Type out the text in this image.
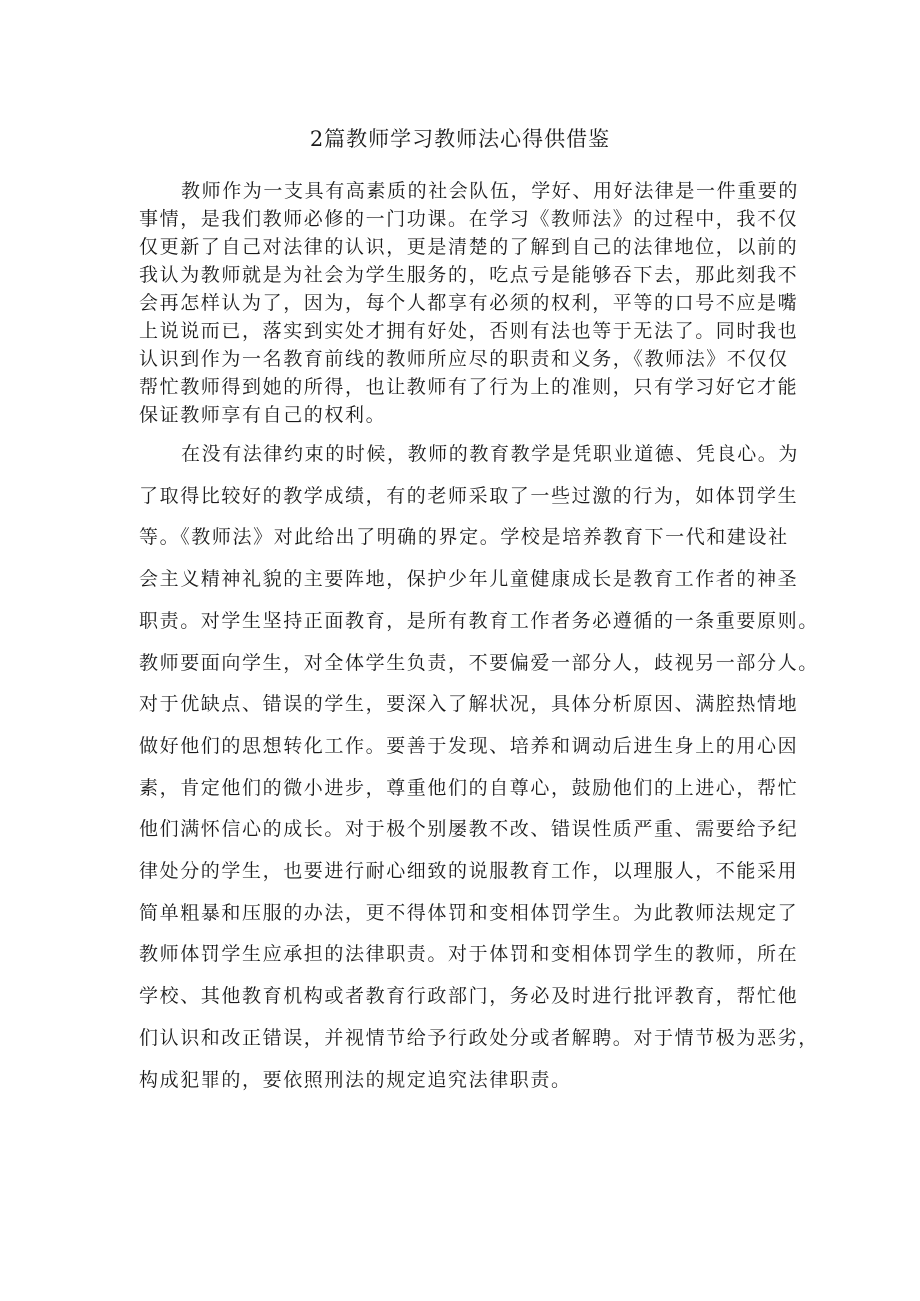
2篇教师学习教师法心得供借鉴
教师作为一支具有高素质的社会队伍，学好、用好法律是一件重要的
事情，是我们教师必修的一门功课。在学习《教师法》的过程中，我不仅
仅更新了自己对法律的认识，更是清楚的了解到自己的法律地位，以前的
我认为教师就是为社会为学生服务的，吃点亏是能够吞下去，那此刻我不
会再怎样认为了，因为，每个人都享有必须的权利，平等的口号不应是嘴
上说说而已，落实到实处才拥有好处，否则有法也等于无法了。同时我也
认识到作为一名教育前线的教师所应尽的职责和义务，《教师法》不仅仅
帮忙教师得到她的所得，也让教师有了行为上的准则，只有学习好它才能
保证教师享有自己的权利。
在没有法律约束的时候，教师的教育教学是凭职业道德、凭良心。为
了取得比较好的教学成绩，有的老师采取了一些过激的行为，如体罚学生
等。《教师法》对此给出了明确的界定。学校是培养教育下一代和建设社
会主义精神礼貌的主要阵地，保护少年儿童健康成长是教育工作者的神圣
职责。对学生坚持正面教育，是所有教育工作者务必遵循的一条重要原则。
教师要面向学生，对全体学生负责，不要偏爱一部分人，歧视另一部分人。
对于优缺点、错误的学生，要深入了解状况，具体分析原因、满腔热情地
做好他们的思想转化工作。要善于发现、培养和调动后进生身上的用心因
素，肯定他们的微小进步，尊重他们的自尊心，鼓励他们的上进心，帮忙
他们满怀信心的成长。对于极个别屡教不改、错误性质严重、需要给予纪
律处分的学生，也要进行耐心细致的说服教育工作，以理服人，不能采用
简单粗暴和压服的办法，更不得体罚和变相体罚学生。为此教师法规定了
教师体罚学生应承担的法律职责。对于体罚和变相体罚学生的教师，所在
学校、其他教育机构或者教育行政部门，务必及时进行批评教育，帮忙他
们认识和改正错误，并视情节给予行政处分或者解聘。对于情节极为恶劣，
构成犯罪的，要依照刑法的规定追究法律职责。
